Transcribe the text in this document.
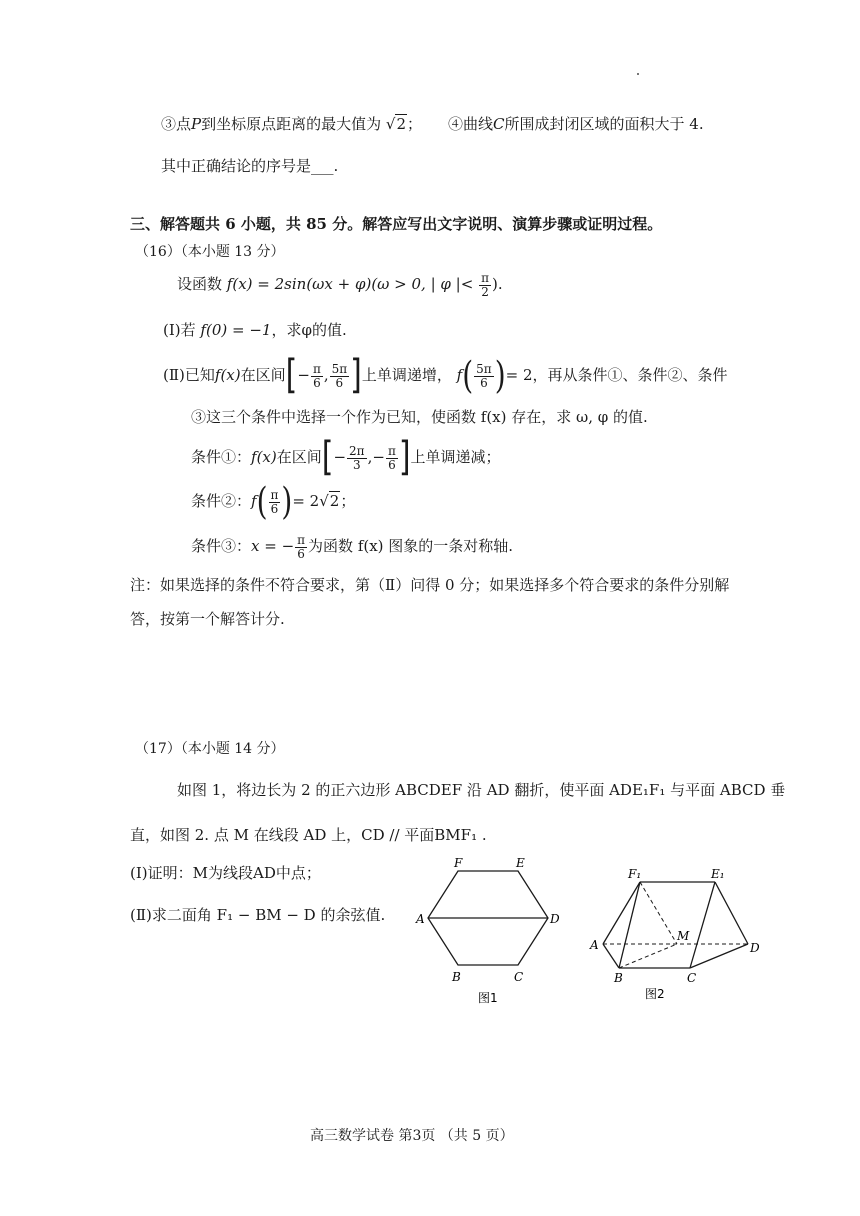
③点P到坐标原点距离的最大值为 √2； ④曲线C所围成封闭区域的面积大于 4.
其中正确结论的序号是___.
三、解答题共 6 小题，共 85 分。解答应写出文字说明、演算步骤或证明过程。
（16）（本小题 13 分）
设函数 f(x) = 2sin(ωx + φ)(ω > 0, | φ |< $\frac{\pi}{2}$ ).
(Ⅰ)若 f(0) = −1，求φ的值.
(Ⅱ)已知f(x)在区间[− $\frac{\pi}{6}$ , $\frac{5\pi}{6}$ ]上单调递增， $f( \frac{5\pi}{6}$ )= 2，再从条件①、条件②、条件
③这三个条件中选择一个作为已知，使函数 f(x) 存在，求 ω, φ 的值.
条件①：f(x)在区间[− $\frac{2\pi}{3}$ ,− $\frac{\pi}{6}$ ]上单调递减；
条件②：$f( \frac{\pi}{6}$ )= 2√2；
条件③：x = − $\frac{\pi}{6}$ 为函数 f(x) 图象的一条对称轴.
注：如果选择的条件不符合要求，第（Ⅱ）问得 0 分；如果选择多个符合要求的条件分别解
答，按第一个解答计分.
（17）（本小题 14 分）
如图 1，将边长为 2 的正六边形 ABCDEF 沿 AD 翻折，使平面 ADE₁F₁ 与平面 ABCD 垂
直，如图 2. 点 M 在线段 AD 上，CD // 平面BMF₁ .
(Ⅰ)证明：M为线段AD中点；
(Ⅱ)求二面角 F₁ − BM − D 的余弦值.
F	E
A	D
B	C
图1
F₁	E₁
A	D
M
B	C
图2
高三数学试卷 第3页 （共 5 页）
